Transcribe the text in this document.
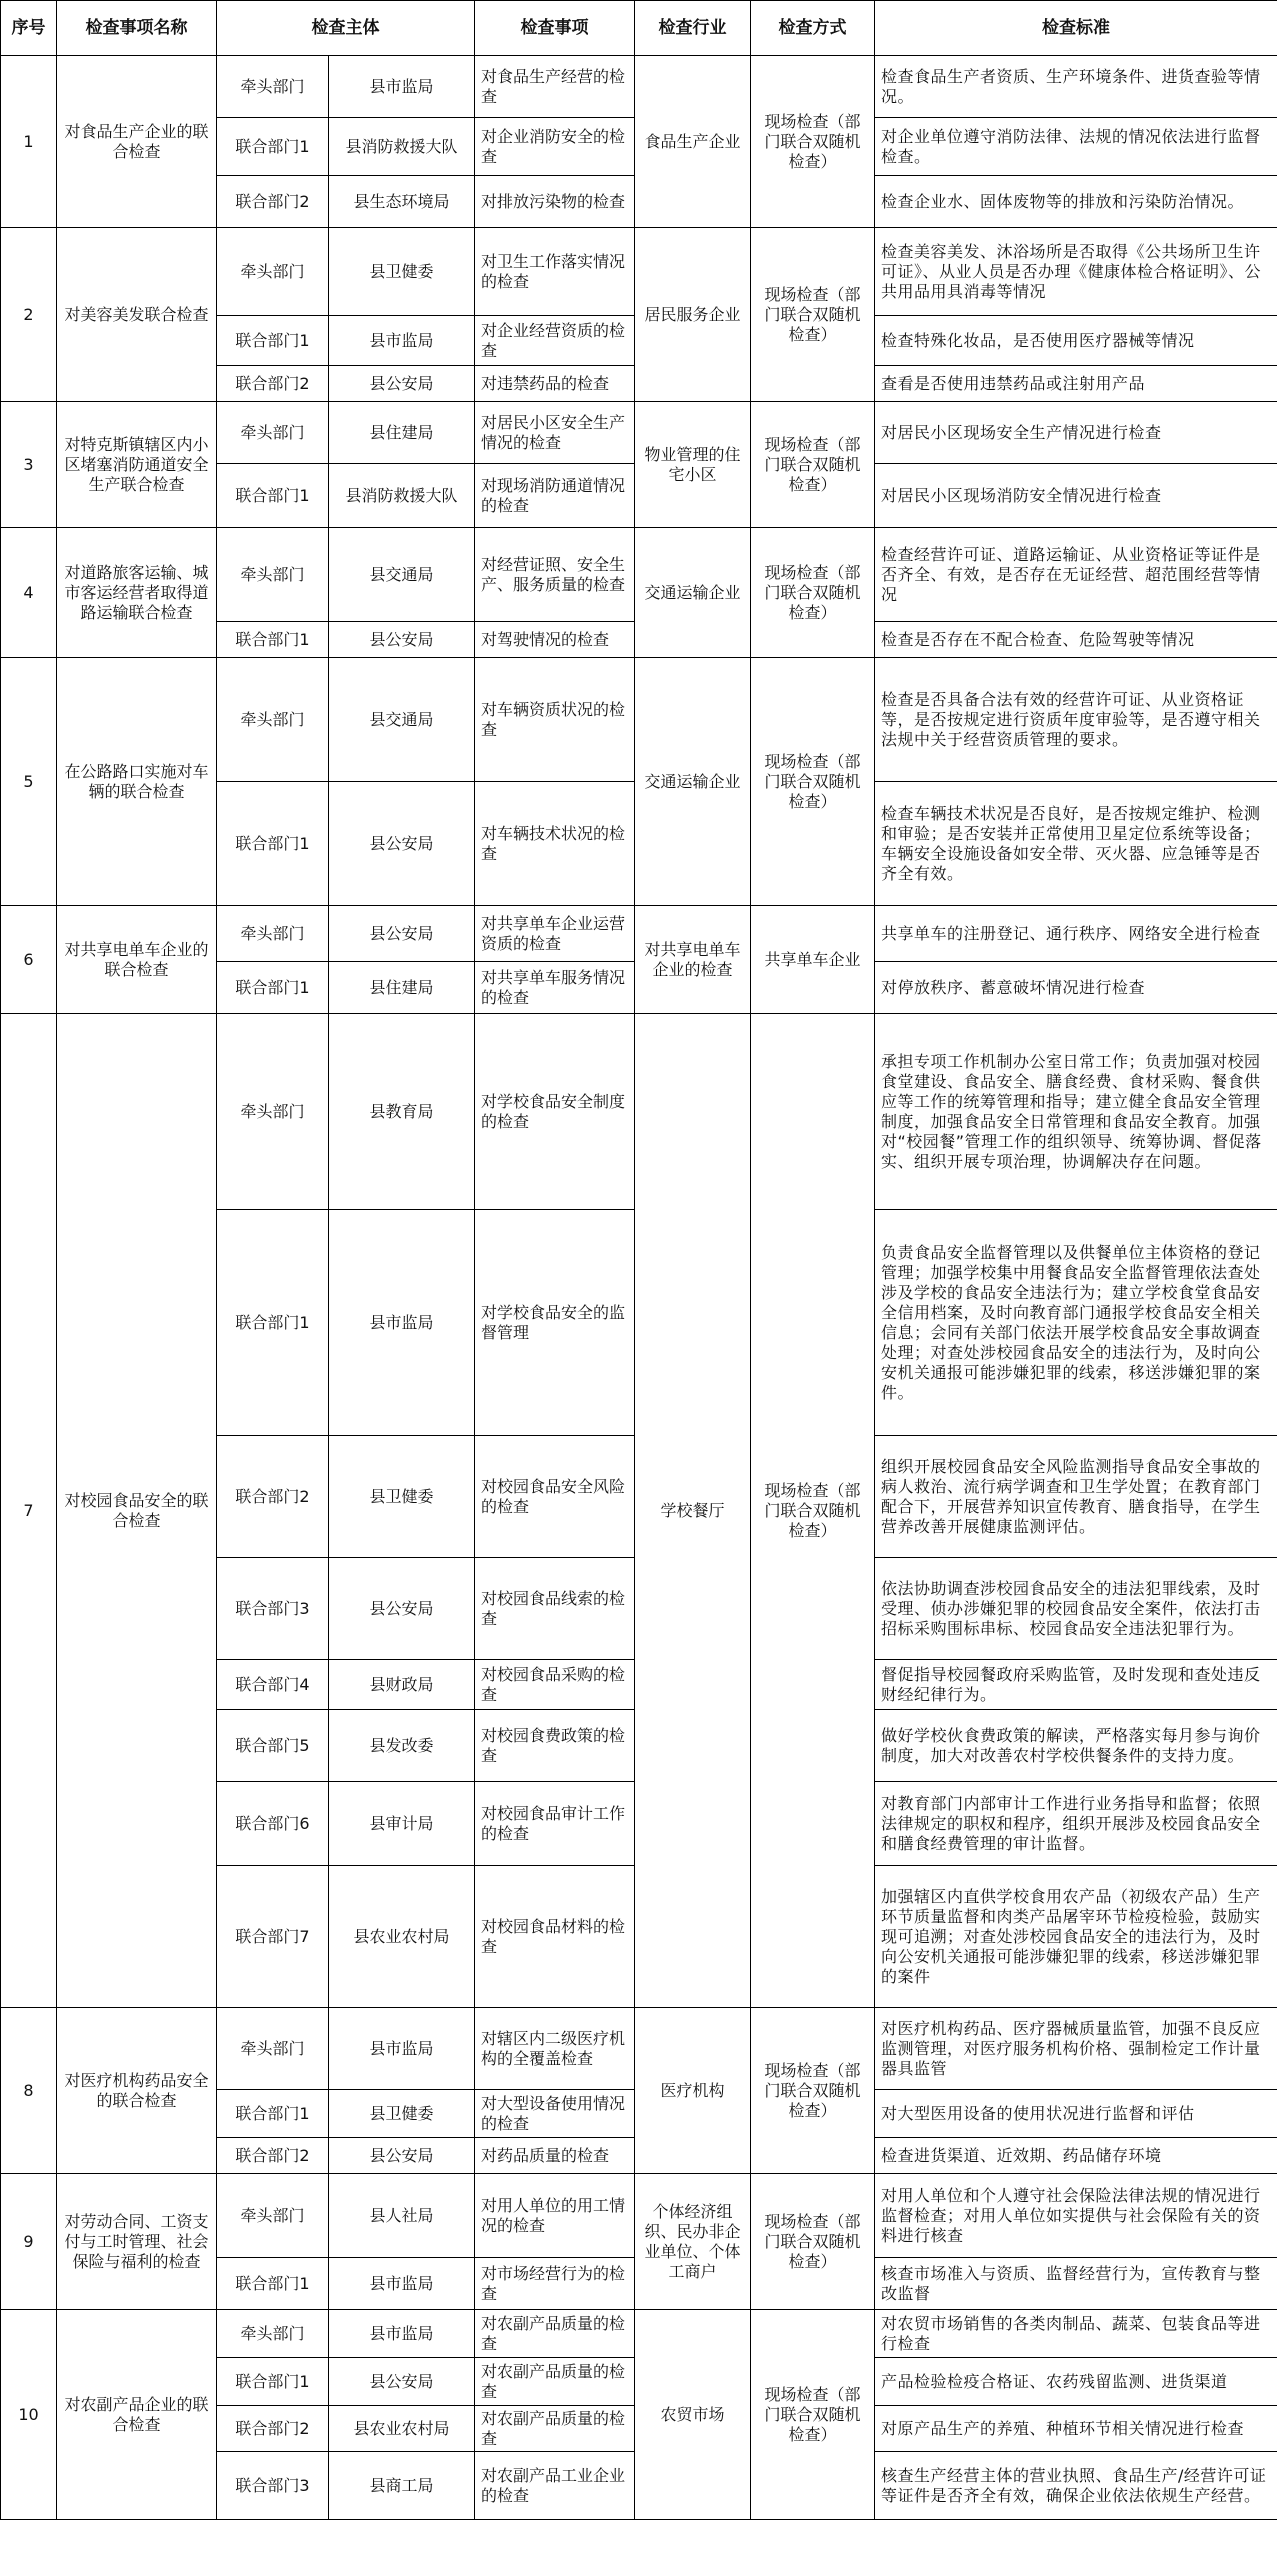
序号	检查事项名称	检查主体		检查事项	检查行业	检查方式	检查标准
1	对食品生产企业的联合检查	牵头部门	县市监局	对食品生产经营的检查	食品生产企业	现场检查（部门联合双随机检查）	检查食品生产者资质、生产环境条件、进货查验等情况。
		联合部门1	县消防救援大队	对企业消防安全的检查			对企业单位遵守消防法律、法规的情况依法进行监督检查。
		联合部门2	县生态环境局	对排放污染物的检查			检查企业水、固体废物等的排放和污染防治情况。
2	对美容美发联合检查	牵头部门	县卫健委	对卫生工作落实情况的检查	居民服务企业	现场检查（部门联合双随机检查）	检查美容美发、沐浴场所是否取得《公共场所卫生许可证》、从业人员是否办理《健康体检合格证明》、公共用品用具消毒等情况
		联合部门1	县市监局	对企业经营资质的检查			检查特殊化妆品，是否使用医疗器械等情况
		联合部门2	县公安局	对违禁药品的检查			查看是否使用违禁药品或注射用产品
3	对特克斯镇辖区内小区堵塞消防通道安全生产联合检查	牵头部门	县住建局	对居民小区安全生产情况的检查	物业管理的住宅小区	现场检查（部门联合双随机检查）	对居民小区现场安全生产情况进行检查
		联合部门1	县消防救援大队	对现场消防通道情况的检查			对居民小区现场消防安全情况进行检查
4	对道路旅客运输、城市客运经营者取得道路运输联合检查	牵头部门	县交通局	对经营证照、安全生产、服务质量的检查	交通运输企业	现场检查（部门联合双随机检查）	检查经营许可证、道路运输证、从业资格证等证件是否齐全、有效，是否存在无证经营、超范围经营等情况
		联合部门1	县公安局	对驾驶情况的检查			检查是否存在不配合检查、危险驾驶等情况
5	在公路路口实施对车辆的联合检查	牵头部门	县交通局	对车辆资质状况的检查	交通运输企业	现场检查（部门联合双随机检查）	检查是否具备合法有效的经营许可证、从业资格证等，是否按规定进行资质年度审验等，是否遵守相关法规中关于经营资质管理的要求。
		联合部门1	县公安局	对车辆技术状况的检查			检查车辆技术状况是否良好，是否按规定维护、检测和审验；是否安装并正常使用卫星定位系统等设备；车辆安全设施设备如安全带、灭火器、应急锤等是否齐全有效。
6	对共享电单车企业的联合检查	牵头部门	县公安局	对共享单车企业运营资质的检查	对共享电单车企业的检查	共享单车企业	共享单车的注册登记、通行秩序、网络安全进行检查
		联合部门1	县住建局	对共享单车服务情况的检查			对停放秩序、蓄意破坏情况进行检查
7	对校园食品安全的联合检查	牵头部门	县教育局	对学校食品安全制度的检查	学校餐厅	现场检查（部门联合双随机检查）	承担专项工作机制办公室日常工作；负责加强对校园食堂建设、食品安全、膳食经费、食材采购、餐食供应等工作的统筹管理和指导；建立健全食品安全管理制度，加强食品安全日常管理和食品安全教育。加强对“校园餐”管理工作的组织领导、统筹协调、督促落实、组织开展专项治理，协调解决存在问题。
		联合部门1	县市监局	对学校食品安全的监督管理			负责食品安全监督管理以及供餐单位主体资格的登记管理；加强学校集中用餐食品安全监督管理依法查处涉及学校的食品安全违法行为；建立学校食堂食品安全信用档案，及时向教育部门通报学校食品安全相关信息；会同有关部门依法开展学校食品安全事故调查处理；对查处涉校园食品安全的违法行为，及时向公安机关通报可能涉嫌犯罪的线索，移送涉嫌犯罪的案件。
		联合部门2	县卫健委	对校园食品安全风险的检查			组织开展校园食品安全风险监测指导食品安全事故的病人救治、流行病学调查和卫生学处置；在教育部门配合下，开展营养知识宣传教育、膳食指导，在学生营养改善开展健康监测评估。
		联合部门3	县公安局	对校园食品线索的检查			依法协助调查涉校园食品安全的违法犯罪线索，及时受理、侦办涉嫌犯罪的校园食品安全案件，依法打击招标采购围标串标、校园食品安全违法犯罪行为。
		联合部门4	县财政局	对校园食品采购的检查			督促指导校园餐政府采购监管，及时发现和查处违反财经纪律行为。
		联合部门5	县发改委	对校园食费政策的检查			做好学校伙食费政策的解读，严格落实每月参与询价制度，加大对改善农村学校供餐条件的支持力度。
		联合部门6	县审计局	对校园食品审计工作的检查			对教育部门内部审计工作进行业务指导和监督；依照法律规定的职权和程序，组织开展涉及校园食品安全和膳食经费管理的审计监督。
		联合部门7	县农业农村局	对校园食品材料的检查			加强辖区内直供学校食用农产品（初级农产品）生产环节质量监督和肉类产品屠宰环节检疫检验，鼓励实现可追溯；对查处涉校园食品安全的违法行为，及时向公安机关通报可能涉嫌犯罪的线索，移送涉嫌犯罪的案件
8	对医疗机构药品安全的联合检查	牵头部门	县市监局	对辖区内二级医疗机构的全覆盖检查	医疗机构	现场检查（部门联合双随机检查）	对医疗机构药品、医疗器械质量监管，加强不良反应监测管理，对医疗服务机构价格、强制检定工作计量器具监管
		联合部门1	县卫健委	对大型设备使用情况的检查			对大型医用设备的使用状况进行监督和评估
		联合部门2	县公安局	对药品质量的检查			检查进货渠道、近效期、药品储存环境
9	对劳动合同、工资支付与工时管理、社会保险与福利的检查	牵头部门	县人社局	对用人单位的用工情况的检查	个体经济组织、民办非企业单位、个体工商户	现场检查（部门联合双随机检查）	对用人单位和个人遵守社会保险法律法规的情况进行监督检查；对用人单位如实提供与社会保险有关的资料进行核查
		联合部门1	县市监局	对市场经营行为的检查			核查市场准入与资质、监督经营行为，宣传教育与整改监督
10	对农副产品企业的联合检查	牵头部门	县市监局	对农副产品质量的检查	农贸市场	现场检查（部门联合双随机检查）	对农贸市场销售的各类肉制品、蔬菜、包装食品等进行检查
		联合部门1	县公安局	对农副产品质量的检查			产品检验检疫合格证、农药残留监测、进货渠道
		联合部门2	县农业农村局	对农副产品质量的检查			对原产品生产的养殖、种植环节相关情况进行检查
		联合部门3	县商工局	对农副产品工业企业的检查			核查生产经营主体的营业执照、食品生产/经营许可证等证件是否齐全有效，确保企业依法依规生产经营。
